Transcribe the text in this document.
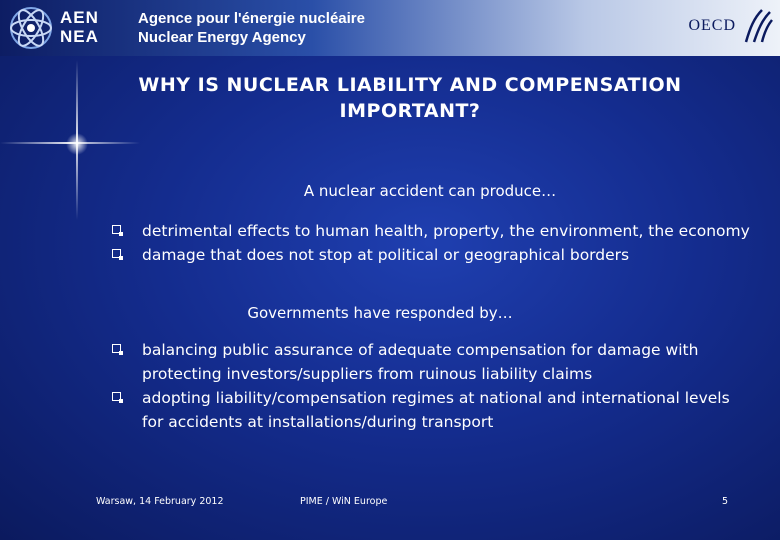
AEN
NEA
Agence pour l'énergie nucléaire
Nuclear Energy Agency
OECD
WHY IS NUCLEAR LIABILITY AND COMPENSATION IMPORTANT?
A nuclear accident can produce…
detrimental effects to human health, property, the environment, the economy
damage that does not stop at political or geographical borders
Governments have responded by…
balancing public assurance of adequate compensation for damage with protecting investors/suppliers from ruinous liability claims
adopting liability/compensation regimes at national and international levels for accidents at installations/during transport
Warsaw, 14 February 2012	PIME / WiN Europe	5
